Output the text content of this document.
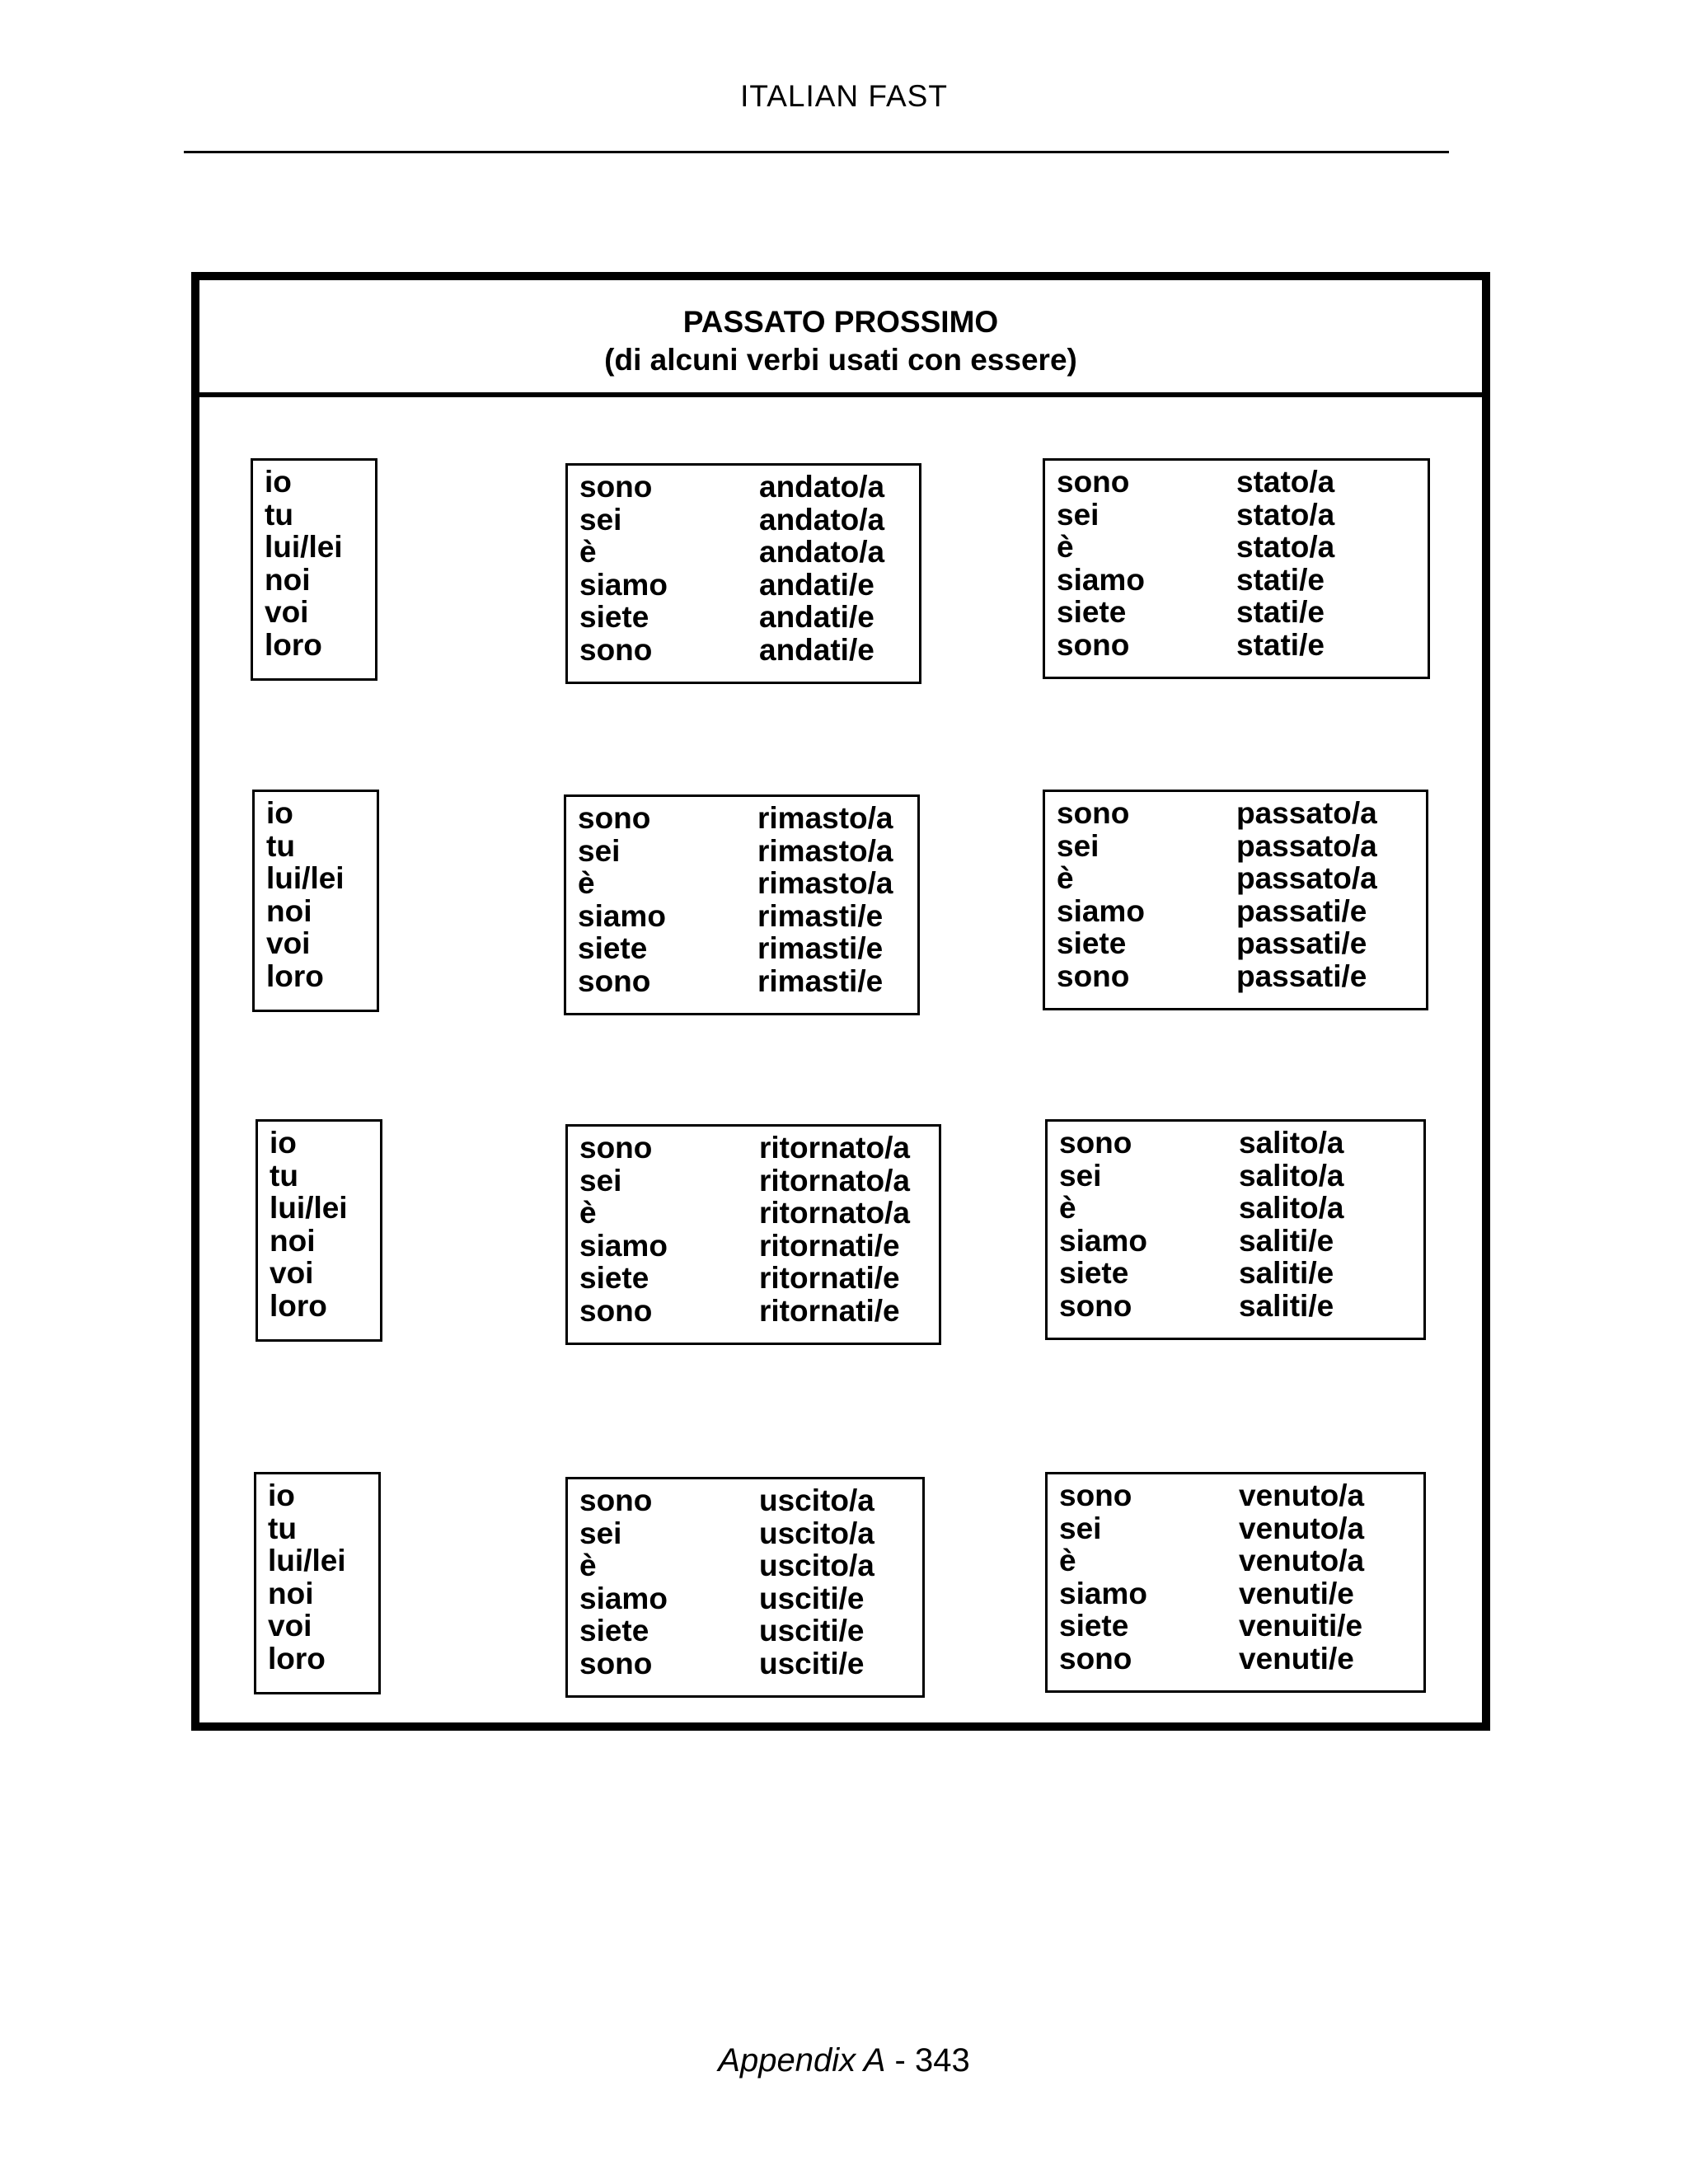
ITALIAN FAST
PASSATO PROSSIMO
(di alcuni verbi usati con essere)
io
tu
lui/lei
noi
voi
loro
sono	andato/a
sei	andato/a
è	andato/a
siamo	andati/e
siete	andati/e
sono	andati/e
sono	stato/a
sei	stato/a
è	stato/a
siamo	stati/e
siete	stati/e
sono	stati/e
io
tu
lui/lei
noi
voi
loro
sono	rimasto/a
sei	rimasto/a
è	rimasto/a
siamo	rimasti/e
siete	rimasti/e
sono	rimasti/e
sono	passato/a
sei	passato/a
è	passato/a
siamo	passati/e
siete	passati/e
sono	passati/e
io
tu
lui/lei
noi
voi
loro
sono	ritornato/a
sei	ritornato/a
è	ritornato/a
siamo	ritornati/e
siete	ritornati/e
sono	ritornati/e
sono	salito/a
sei	salito/a
è	salito/a
siamo	saliti/e
siete	saliti/e
sono	saliti/e
io
tu
lui/lei
noi
voi
loro
sono	uscito/a
sei	uscito/a
è	uscito/a
siamo	usciti/e
siete	usciti/e
sono	usciti/e
sono	venuto/a
sei	venuto/a
è	venuto/a
siamo	venuti/e
siete	venuiti/e
sono	venuti/e
Appendix A - 343
